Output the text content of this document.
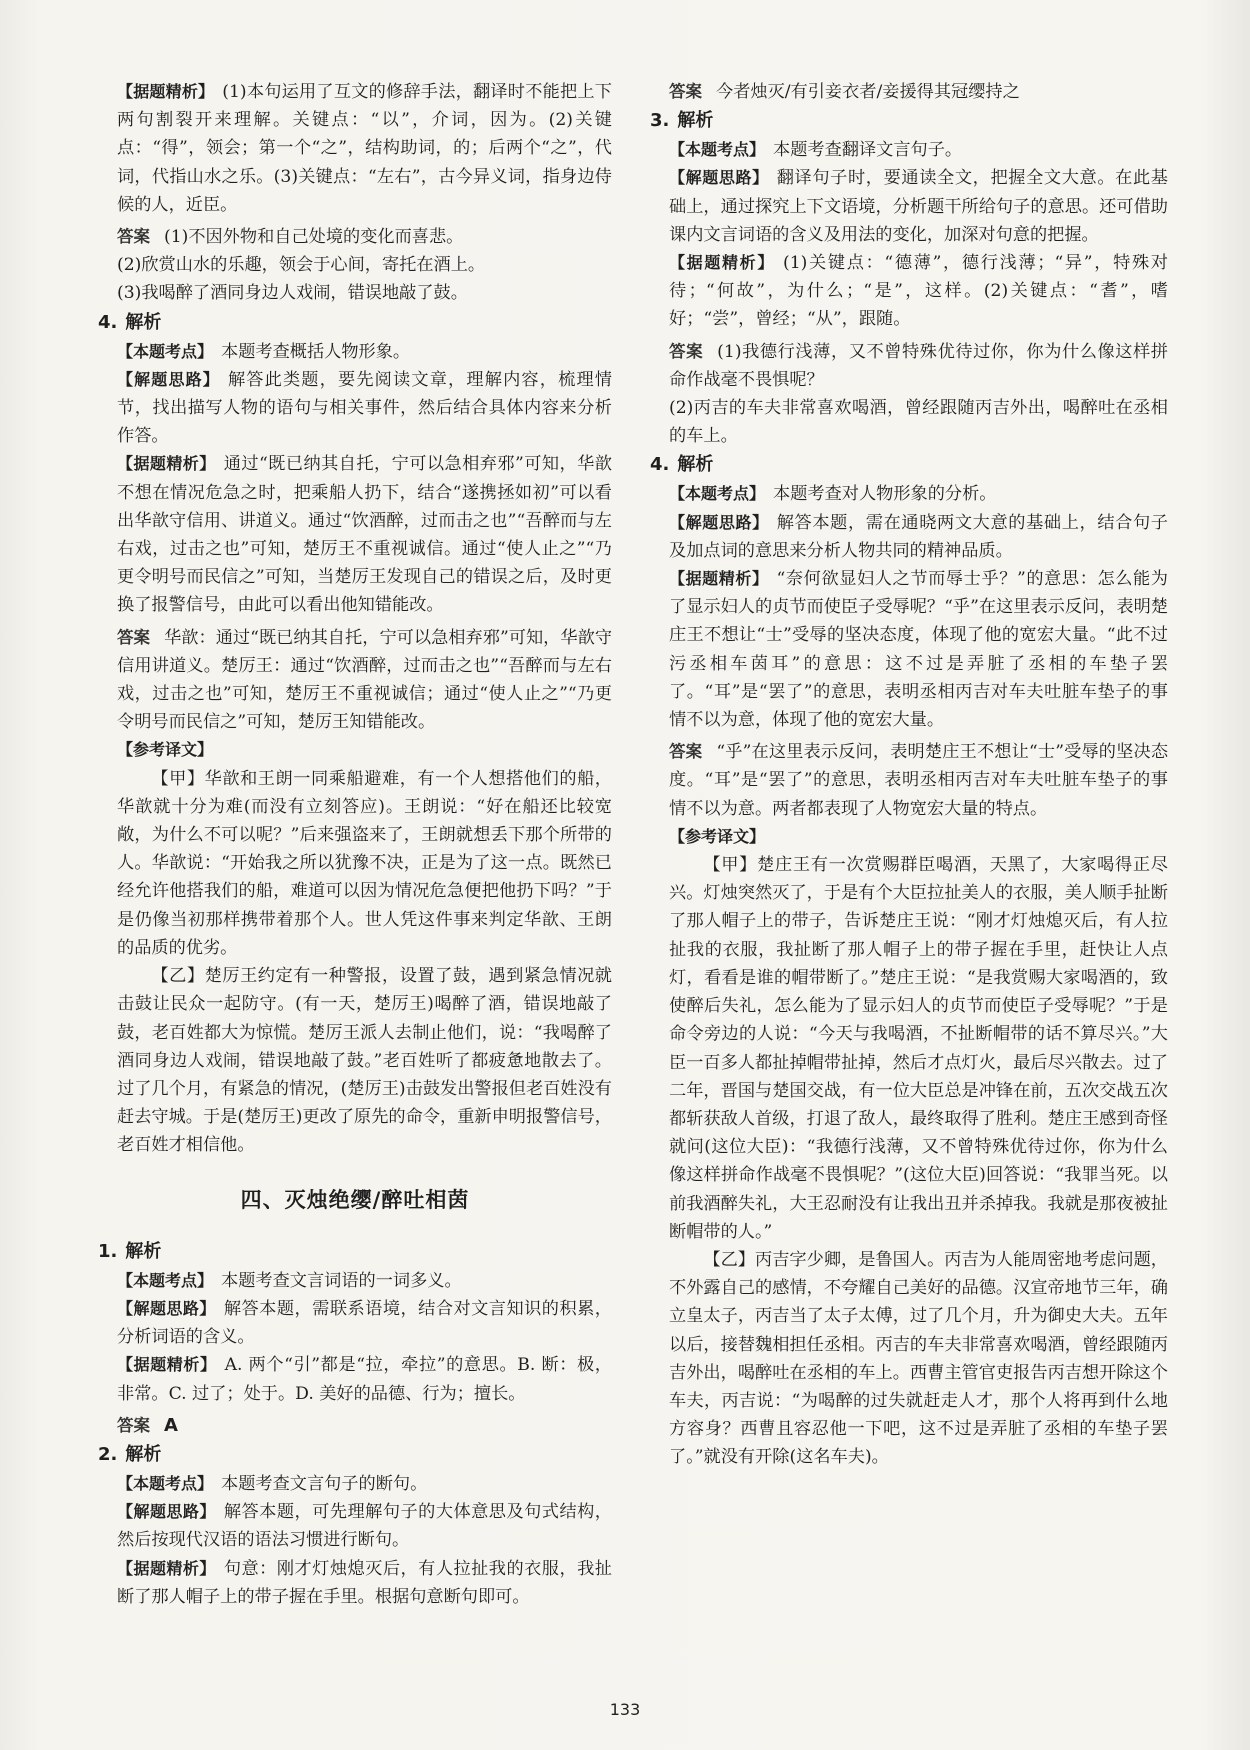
【据题精析】 (1)本句运用了互文的修辞手法，翻译时不能把上下两句割裂开来理解。关键点：“以”，介词，因为。(2)关键点：“得”，领会；第一个“之”，结构助词，的；后两个“之”，代词，代指山水之乐。(3)关键点：“左右”，古今异义词，指身边侍候的人，近臣。

答案 (1)不因外物和自己处境的变化而喜悲。

(2)欣赏山水的乐趣，领会于心间，寄托在酒上。

(3)我喝醉了酒同身边人戏闹，错误地敲了鼓。

4. 解析

【本题考点】 本题考查概括人物形象。

【解题思路】 解答此类题，要先阅读文章，理解内容，梳理情节，找出描写人物的语句与相关事件，然后结合具体内容来分析作答。

【据题精析】 通过“既已纳其自托，宁可以急相弃邪”可知，华歆不想在情况危急之时，把乘船人扔下，结合“遂携拯如初”可以看出华歆守信用、讲道义。通过“饮酒醉，过而击之也”“吾醉而与左右戏，过击之也”可知，楚厉王不重视诚信。通过“使人止之”“乃更令明号而民信之”可知，当楚厉王发现自己的错误之后，及时更换了报警信号，由此可以看出他知错能改。

答案 华歆：通过“既已纳其自托，宁可以急相弃邪”可知，华歆守信用讲道义。楚厉王：通过“饮酒醉，过而击之也”“吾醉而与左右戏，过击之也”可知，楚厉王不重视诚信；通过“使人止之”“乃更令明号而民信之”可知，楚厉王知错能改。

【参考译文】

【甲】华歆和王朗一同乘船避难，有一个人想搭他们的船，华歆就十分为难(而没有立刻答应)。王朗说：“好在船还比较宽敞，为什么不可以呢？”后来强盗来了，王朗就想丢下那个所带的人。华歆说：“开始我之所以犹豫不决，正是为了这一点。既然已经允许他搭我们的船，难道可以因为情况危急便把他扔下吗？”于是仍像当初那样携带着那个人。世人凭这件事来判定华歆、王朗的品质的优劣。

【乙】楚厉王约定有一种警报，设置了鼓，遇到紧急情况就击鼓让民众一起防守。(有一天，楚厉王)喝醉了酒，错误地敲了鼓，老百姓都大为惊慌。楚厉王派人去制止他们，说：“我喝醉了酒同身边人戏闹，错误地敲了鼓。”老百姓听了都疲惫地散去了。过了几个月，有紧急的情况，(楚厉王)击鼓发出警报但老百姓没有赶去守城。于是(楚厉王)更改了原先的命令，重新申明报警信号，老百姓才相信他。

四、灭烛绝缨/醉吐相茵
1. 解析

【本题考点】 本题考查文言词语的一词多义。

【解题思路】 解答本题，需联系语境，结合对文言知识的积累，分析词语的含义。

【据题精析】 A. 两个“引”都是“拉，牵拉”的意思。B. 断：极，非常。C. 过了；处于。D. 美好的品德、行为；擅长。

答案 A

2. 解析

【本题考点】 本题考查文言句子的断句。

【解题思路】 解答本题，可先理解句子的大体意思及句式结构，然后按现代汉语的语法习惯进行断句。

【据题精析】 句意：刚才灯烛熄灭后，有人拉扯我的衣服，我扯断了那人帽子上的带子握在手里。根据句意断句即可。

答案 今者烛灭/有引妾衣者/妾援得其冠缨持之

3. 解析

【本题考点】 本题考查翻译文言句子。

【解题思路】 翻译句子时，要通读全文，把握全文大意。在此基础上，通过探究上下文语境，分析题干所给句子的意思。还可借助课内文言词语的含义及用法的变化，加深对句意的把握。

【据题精析】 (1)关键点：“德薄”，德行浅薄；“异”，特殊对待；“何故”，为什么；“是”，这样。(2)关键点：“耆”，嗜好；“尝”，曾经；“从”，跟随。

答案 (1)我德行浅薄，又不曾特殊优待过你，你为什么像这样拼命作战毫不畏惧呢？

(2)丙吉的车夫非常喜欢喝酒，曾经跟随丙吉外出，喝醉吐在丞相的车上。

4. 解析

【本题考点】 本题考查对人物形象的分析。

【解题思路】 解答本题，需在通晓两文大意的基础上，结合句子及加点词的意思来分析人物共同的精神品质。

【据题精析】 “奈何欲显妇人之节而辱士乎？”的意思：怎么能为了显示妇人的贞节而使臣子受辱呢？“乎”在这里表示反问，表明楚庄王不想让“士”受辱的坚决态度，体现了他的宽宏大量。“此不过污丞相车茵耳”的意思：这不过是弄脏了丞相的车垫子罢了。“耳”是“罢了”的意思，表明丞相丙吉对车夫吐脏车垫子的事情不以为意，体现了他的宽宏大量。

答案 “乎”在这里表示反问，表明楚庄王不想让“士”受辱的坚决态度。“耳”是“罢了”的意思，表明丞相丙吉对车夫吐脏车垫子的事情不以为意。两者都表现了人物宽宏大量的特点。

【参考译文】

【甲】楚庄王有一次赏赐群臣喝酒，天黑了，大家喝得正尽兴。灯烛突然灭了，于是有个大臣拉扯美人的衣服，美人顺手扯断了那人帽子上的带子，告诉楚庄王说：“刚才灯烛熄灭后，有人拉扯我的衣服，我扯断了那人帽子上的带子握在手里，赶快让人点灯，看看是谁的帽带断了。”楚庄王说：“是我赏赐大家喝酒的，致使醉后失礼，怎么能为了显示妇人的贞节而使臣子受辱呢？”于是命令旁边的人说：“今天与我喝酒，不扯断帽带的话不算尽兴。”大臣一百多人都扯掉帽带扯掉，然后才点灯火，最后尽兴散去。过了二年，晋国与楚国交战，有一位大臣总是冲锋在前，五次交战五次都斩获敌人首级，打退了敌人，最终取得了胜利。楚庄王感到奇怪就问(这位大臣)：“我德行浅薄，又不曾特殊优待过你，你为什么像这样拼命作战毫不畏惧呢？”(这位大臣)回答说：“我罪当死。以前我酒醉失礼，大王忍耐没有让我出丑并杀掉我。我就是那夜被扯断帽带的人。”

【乙】丙吉字少卿，是鲁国人。丙吉为人能周密地考虑问题，不外露自己的感情，不夸耀自己美好的品德。汉宣帝地节三年，确立皇太子，丙吉当了太子太傅，过了几个月，升为御史大夫。五年以后，接替魏相担任丞相。丙吉的车夫非常喜欢喝酒，曾经跟随丙吉外出，喝醉吐在丞相的车上。西曹主管官吏报告丙吉想开除这个车夫，丙吉说：“为喝醉的过失就赶走人才，那个人将再到什么地方容身？西曹且容忍他一下吧，这不过是弄脏了丞相的车垫子罢了。”就没有开除(这名车夫)。

133
